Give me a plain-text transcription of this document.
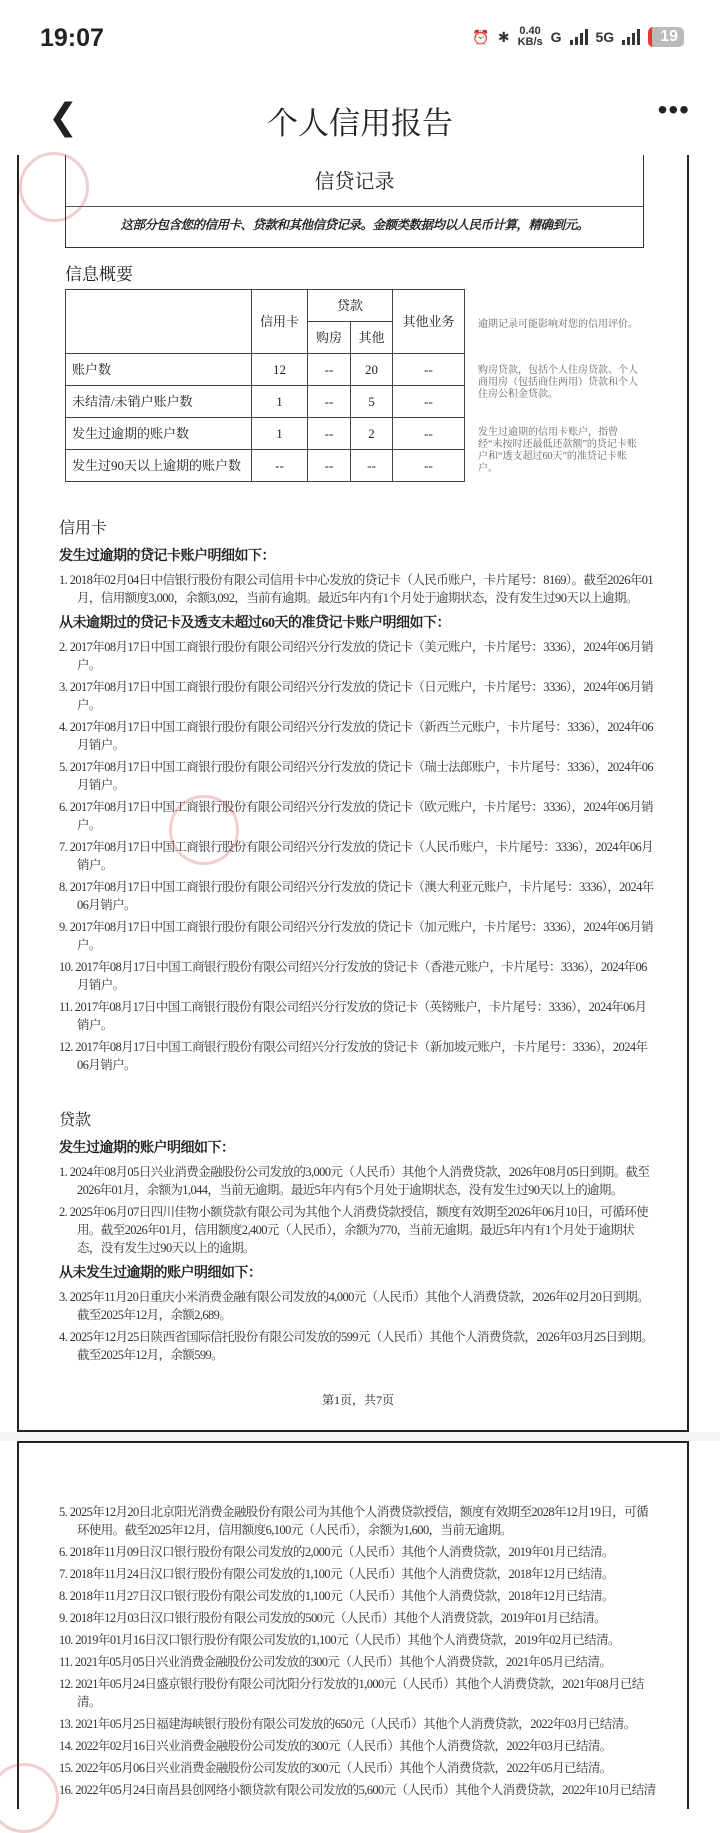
19:07	⏰ ✱ 0.40
KB/s G 5G	19
❮	个人信用报告	•••
信贷记录
这部分包含您的信用卡、贷款和其他信贷记录。金额类数据均以人民币计算，精确到元。
信息概要
	信用卡	贷款		其他业务
		购房	其他	
账户数	12	--	20	--
未结清/未销户账户数	1	--	5	--
发生过逾期的账户数	1	--	2	--
发生过90天以上逾期的账户数	--	--	--	--
逾期记录可能影响对您的信用评价。
购房贷款，包括个人住房贷款、个人商用房（包括商住两用）贷款和个人住房公积金贷款。
发生过逾期的信用卡账户，指曾经“未按时还最低还款额”的贷记卡账户和“透支超过60天”的准贷记卡账户。
信用卡
发生过逾期的贷记卡账户明细如下：
1. 2018年02月04日中信银行股份有限公司信用卡中心发放的贷记卡（人民币账户，卡片尾号：8169）。截至2026年01月，信用额度3,000，余额3,092，当前有逾期。最近5年内有1个月处于逾期状态，没有发生过90天以上逾期。
从未逾期过的贷记卡及透支未超过60天的准贷记卡账户明细如下：
2. 2017年08月17日中国工商银行股份有限公司绍兴分行发放的贷记卡（美元账户，卡片尾号：3336），2024年06月销户。
3. 2017年08月17日中国工商银行股份有限公司绍兴分行发放的贷记卡（日元账户，卡片尾号：3336），2024年06月销户。
4. 2017年08月17日中国工商银行股份有限公司绍兴分行发放的贷记卡（新西兰元账户，卡片尾号：3336），2024年06月销户。
5. 2017年08月17日中国工商银行股份有限公司绍兴分行发放的贷记卡（瑞士法郎账户，卡片尾号：3336），2024年06月销户。
6. 2017年08月17日中国工商银行股份有限公司绍兴分行发放的贷记卡（欧元账户，卡片尾号：3336），2024年06月销户。
7. 2017年08月17日中国工商银行股份有限公司绍兴分行发放的贷记卡（人民币账户，卡片尾号：3336），2024年06月销户。
8. 2017年08月17日中国工商银行股份有限公司绍兴分行发放的贷记卡（澳大利亚元账户，卡片尾号：3336），2024年06月销户。
9. 2017年08月17日中国工商银行股份有限公司绍兴分行发放的贷记卡（加元账户，卡片尾号：3336），2024年06月销户。
10. 2017年08月17日中国工商银行股份有限公司绍兴分行发放的贷记卡（香港元账户，卡片尾号：3336），2024年06月销户。
11. 2017年08月17日中国工商银行股份有限公司绍兴分行发放的贷记卡（英镑账户，卡片尾号：3336），2024年06月销户。
12. 2017年08月17日中国工商银行股份有限公司绍兴分行发放的贷记卡（新加坡元账户，卡片尾号：3336），2024年06月销户。
贷款
发生过逾期的账户明细如下：
1. 2024年08月05日兴业消费金融股份公司发放的3,000元（人民币）其他个人消费贷款，2026年08月05日到期。截至2026年01月，余额为1,044，当前无逾期。最近5年内有5个月处于逾期状态，没有发生过90天以上的逾期。
2. 2025年06月07日四川佳物小额贷款有限公司为其他个人消费贷款授信，额度有效期至2026年06月10日，可循环使用。截至2026年01月，信用额度2,400元（人民币），余额为770，当前无逾期。最近5年内有1个月处于逾期状态，没有发生过90天以上的逾期。
从未发生过逾期的账户明细如下：
3. 2025年11月20日重庆小米消费金融有限公司发放的4,000元（人民币）其他个人消费贷款，2026年02月20日到期。截至2025年12月，余额2,689。
4. 2025年12月25日陕西省国际信托股份有限公司发放的599元（人民币）其他个人消费贷款，2026年03月25日到期。截至2025年12月，余额599。
第1页，共7页
5. 2025年12月20日北京阳光消费金融股份有限公司为其他个人消费贷款授信，额度有效期至2028年12月19日，可循环使用。截至2025年12月，信用额度6,100元（人民币），余额为1,600，当前无逾期。
6. 2018年11月09日汉口银行股份有限公司发放的2,000元（人民币）其他个人消费贷款，2019年01月已结清。
7. 2018年11月24日汉口银行股份有限公司发放的1,100元（人民币）其他个人消费贷款，2018年12月已结清。
8. 2018年11月27日汉口银行股份有限公司发放的1,100元（人民币）其他个人消费贷款，2018年12月已结清。
9. 2018年12月03日汉口银行股份有限公司发放的500元（人民币）其他个人消费贷款，2019年01月已结清。
10. 2019年01月16日汉口银行股份有限公司发放的1,100元（人民币）其他个人消费贷款，2019年02月已结清。
11. 2021年05月05日兴业消费金融股份公司发放的300元（人民币）其他个人消费贷款，2021年05月已结清。
12. 2021年05月24日盛京银行股份有限公司沈阳分行发放的1,000元（人民币）其他个人消费贷款，2021年08月已结清。
13. 2021年05月25日福建海峡银行股份有限公司发放的650元（人民币）其他个人消费贷款，2022年03月已结清。
14. 2022年02月16日兴业消费金融股份公司发放的300元（人民币）其他个人消费贷款，2022年03月已结清。
15. 2022年05月06日兴业消费金融股份公司发放的300元（人民币）其他个人消费贷款，2022年05月已结清。
16. 2022年05月24日南昌县创网络小额贷款有限公司发放的5,600元（人民币）其他个人消费贷款，2022年10月已结清
